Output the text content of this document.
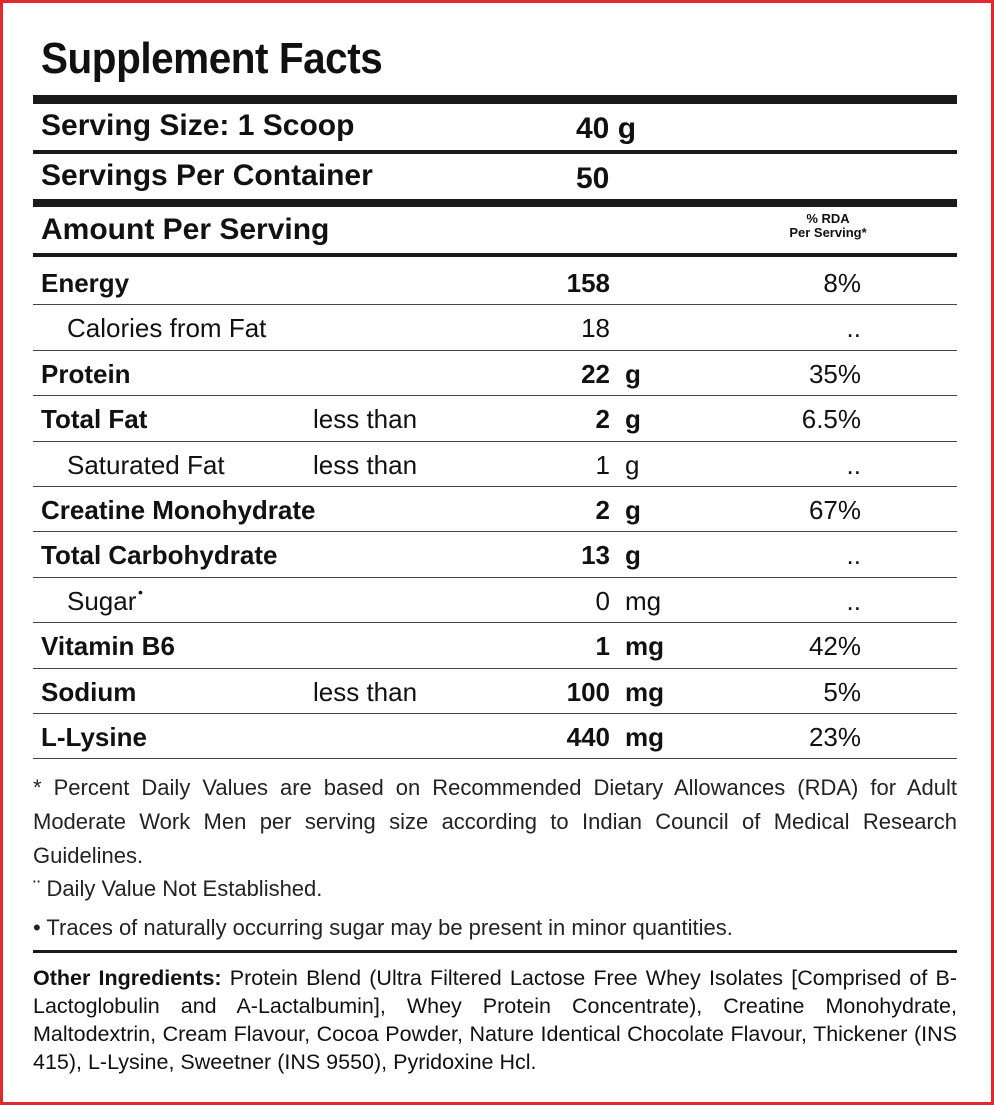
Supplement Facts
Serving Size: 1 Scoop	40 g
Servings Per Container	50
Amount Per Serving	% RDA
Per Serving*
Energy	158	8%
Calories from Fat	18	..
Protein	22 g	35%
Total Fat	less than	2 g	6.5%
Saturated Fat	less than	1 g	..
Creatine Monohydrate	2 g	67%
Total Carbohydrate	13 g	..
Sugar •	0 mg	..
Vitamin B6	1 mg	42%
Sodium	less than	100 mg	5%
L-Lysine	440 mg	23%
* Percent Daily Values are based on Recommended Dietary Allowances (RDA) for Adult Moderate Work Men per serving size according to Indian Council of Medical Research Guidelines.
¨ Daily Value Not Established.
• Traces of naturally occurring sugar may be present in minor quantities.
Other Ingredients: Protein Blend (Ultra Filtered Lactose Free Whey Isolates [Comprised of B-Lactoglobulin and A-Lactalbumin], Whey Protein Concentrate), Creatine Monohydrate, Maltodextrin, Cream Flavour, Cocoa Powder, Nature Identical Chocolate Flavour, Thickener (INS 415), L-Lysine, Sweetner (INS 9550), Pyridoxine Hcl.
